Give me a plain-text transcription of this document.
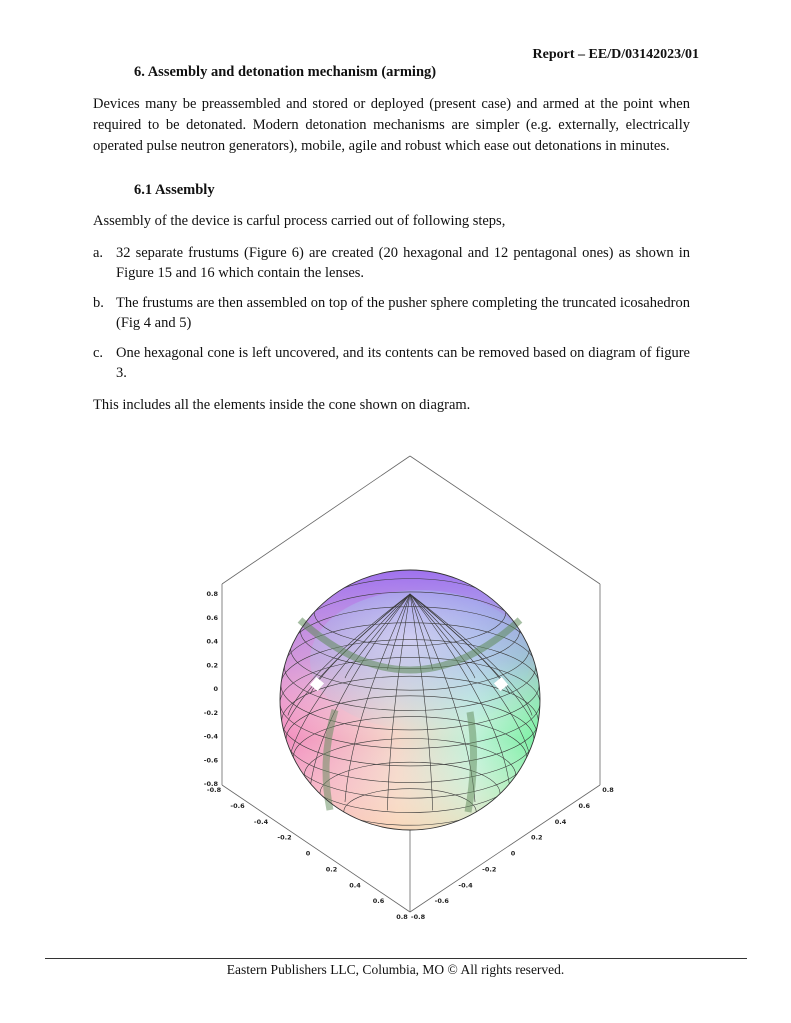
Report – EE/D/03142023/01
6. Assembly and detonation mechanism (arming)

Devices many be preassembled and stored or deployed (present case) and armed at the point when required to be detonated. Modern detonation mechanisms are simpler (e.g. externally, electrically operated pulse neutron generators), mobile, agile and robust which ease out detonations in minutes.

6.1 Assembly

Assembly of the device is carful process carried out of following steps,

a. 32 separate frustums (Figure 6) are created (20 hexagonal and 12 pentagonal ones) as shown in Figure 15 and 16 which contain the lenses.
b. The frustums are then assembled on top of the pusher sphere completing the truncated icosahedron (Fig 4 and 5)
c. One hexagonal cone is left uncovered, and its contents can be removed based on diagram of figure 3.

This includes all the elements inside the cone shown on diagram.

0.8
0.6
0.4
0.2
0
-0.2
-0.4
-0.6
-0.8
-0.8
-0.6
-0.4
-0.2
0
0.2
0.4
0.6
0.8
0.8
0.6
0.4
0.2
0
-0.2
-0.4
-0.6
-0.8
Eastern Publishers LLC, Columbia, MO © All rights reserved.
